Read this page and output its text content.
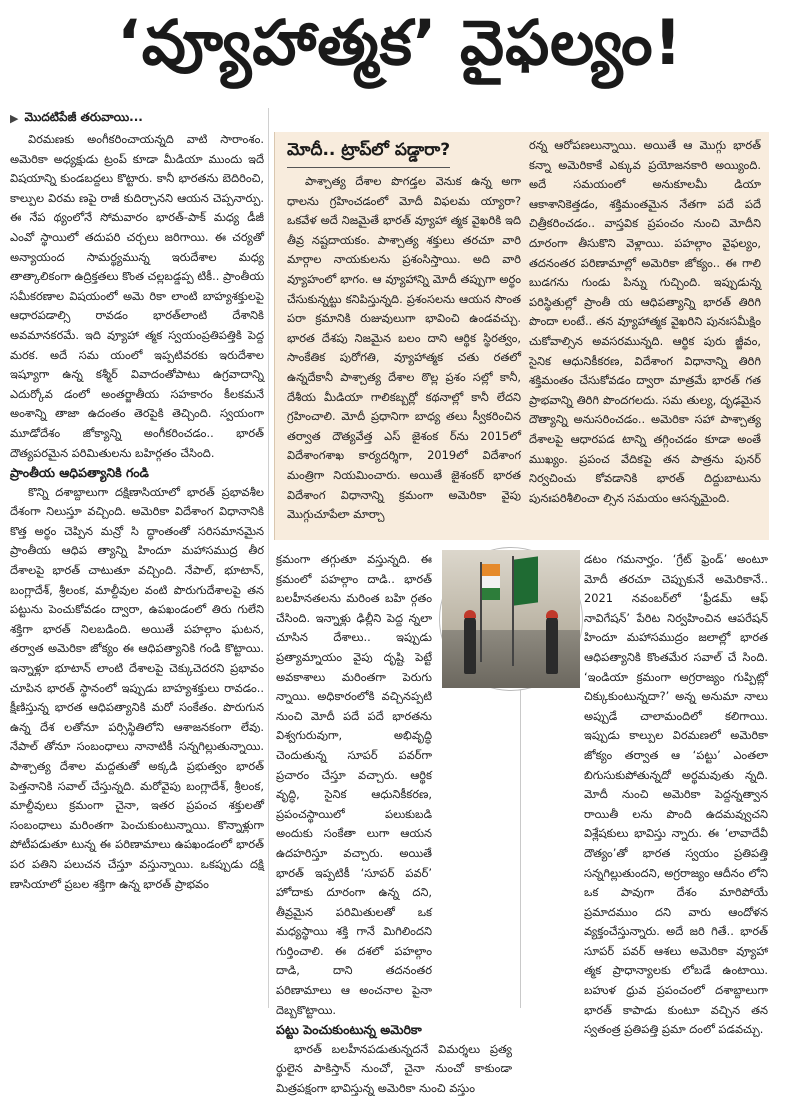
‘వ్యూహాత్మక’ వైఫల్యం!
▶ మొదటిపేజీ తరువాయి...

విరమణకు అంగీకరించాయన్నది వాటి సారాంశం. అమెరికా అధ్యక్షుడు ట్రంప్ కూడా మీడియా ముందు ఇదే విషయాన్ని కుండబద్దలు కొట్టారు. కానీ భారతను బెదిరించి, కాల్పుల విరమ ణపై రాజీ కుదిర్చానని ఆయన చెప్పనార్పు. ఈ నేప థ్యంలోనే సోమవారం భారత్‌-పాక్ మధ్య డీజీ ఎంవో స్థాయిలో తదుపరి చర్చలు జరిగాయి. ఈ చర్యతో అన్యాయంద సామర్థ్యమున్న ఇరుదేశాల మధ్య తాత్కాలికంగా ఉద్రిక్తతలు కొంత చల్లబడ్డప్ప టికీ.. ప్రాంతీయ సమీకరణాల విషయంలో అమె రికా లాంటి బాహ్యశక్తులపై ఆధారపడాల్సి రావడం భారత్‌లాంటి దేశానికి అవమానకరమే. ఇది వ్యూహా త్మక స్వయంప్రతిపత్తికి పెద్ద మరక. అదే సమ యంలో ఇప్పటివరకు ఇరుదేశాల ఇష్యూగా ఉన్న కశ్మీర్ వివాదంతోపాటు ఉగ్రవాదాన్ని ఎదుర్కోవ డంలో అంతర్జాతీయ సహకారం కీలకమనే అంశాన్ని తాజా ఉదంతం తెరపైకి తెచ్చింది. స్వయంగా మూడోదేశం జోక్యాన్ని అంగీకరించడం.. భారత్ దౌత్యపరమైన పరిమితులను బహిర్గతం చేసింది.

ప్రాంతీయ ఆధిపత్యానికి గండి

కొన్ని దశాబ్దాలుగా దక్షిణాసియాలో భారత్ ప్రభావశీల దేశంగా నిలుస్తూ వచ్చింది. అమెరికా విదేశాంగ విధానానికి కొత్త అర్థం చెప్పిన మన్రో సి ద్ధాంతంతో సరిసమానమైన ప్రాంతీయ ఆధిప త్యాన్ని హిందూ మహాసముద్ర తీర దేశాలపై భారత్ చాటుతూ వచ్చింది. నేపాల్, భూటాన్, బంగ్లాదేశ్, శ్రీలంక, మాల్దీవుల వంటి పొరుగుదేశాలపై తన పట్టును పెంచుకోవడం ద్వారా, ఉపఖండంలో తిరు గులేని శక్తిగా భారత్ నిలబడింది. అయితే పహల్గాం ఘటన, తర్వాత అమెరికా జోక్యం ఈ ఆధిపత్యానికి గండి కొట్టాయి. ఇన్నాళ్లూ భూటాన్ లాంటి దేశాలపై చెక్కుచెదరని ప్రభావం చూపిన భారత్ స్థానంలో ఇప్పుడు బాహ్యశక్తులు రావడం.. క్షీణిస్తున్న భారత ఆధిపత్యానికి మరో సంకేతం. పొరుగున ఉన్న దేశ లతోనూ పర్సిస్థితిలోని ఆశాజనకంగా లేవు. నేపాల్ తోనూ సంబంధాలు నానాటికీ సన్నగిల్లుతున్నాయి. పాశ్చాత్య దేశాల మద్దతుతో అక్కడి ప్రభుత్వం భారత్‌ పెత్తనానికి సవాల్ చేస్తున్నది. మరోవైపు బంగ్లాదేశ్, శ్రీలంక, మాల్దీవులు క్రమంగా చైనా, ఇతర ప్రపంచ శక్తులతో సంబంధాలు మరింతగా పెంచుకుంటున్నాయి. కొన్నాళ్లుగా పోటీపడుతూ టున్న ఈ పరిణామాలు ఉపఖండంలో భారత్ పర పతిని పలుచన చేస్తూ వస్తున్నాయి. ఒకప్పుడు దక్షి ణాసియాలో ప్రబల శక్తిగా ఉన్న భారత్ ప్రాభవం

మోదీ.. ట్రాప్‌లో పడ్డారా?

పాశ్చాత్య దేశాల పొగడ్తల వెనుక ఉన్న అగా ధాలను గ్రహించడంలో మోదీ విఫలమ య్యారా? ఒకవేళ అదే నిజమైతే భారత్ వ్యూహా త్మక వైఖరికి ఇది తీవ్ర నష్టదాయకం. పాశ్చాత్య శక్తులు తరచూ వారి మార్గాల నాయకులను ప్రశంసిస్తాయి. అది వారి వ్యూహంలో భాగం. ఆ వ్యూహాన్ని మోదీ తప్పుగా అర్థం చేసుకున్నట్టు కనిపిస్తున్నది. ప్రశంసలను ఆయన సొంత పరా క్రమానికి రుజువులుగా భావించి ఉండవచ్చు. భారత దేశపు నిజమైన బలం దాని ఆర్థిక స్థిరత్వం, సాంకేతిక పురోగతి, వ్యూహాత్మక చతు రతలో ఉన్నదేకానీ పాశ్చాత్య దేశాల ఠొల్ల ప్రశం సల్లో కానీ, దేశీయ మీడియా గాలికబ్బర్లో కథనాల్లో కానీ లేదని గ్రహించాలి. మోదీ ప్రధానిగా బాధ్య తలు స్వీకరించిన తర్వాత దౌత్యవేత్త ఎస్ జైశంక ర్‌ను 2015లో విదేశాంగశాఖ కార్యదర్శిగా, 2019లో విదేశాంగ మంత్రిగా నియమించారు. అయితే జైశంకర్ భారత విదేశాంగ విధానాన్ని క్రమంగా అమెరికా వైపు మొగ్గుచూపేలా మార్చా

రన్న ఆరోపణలున్నాయి. అయితే ఆ మొగ్గు భారత్ కన్నా అమెరికాకే ఎక్కువ ప్రయోజనకారి అయ్యింది. అదే సమయంలో అనుకూలమీ డియా ఆకాశానికెత్తడం, శక్తిమంతమైన నేతగా పదే పదే చిత్రీకరించడం.. వాస్తవిక ప్రపంచం నుంచి మోదీని దూరంగా తీసుకొని వెళ్లాయి. పహల్గాం వైఫల్యం, తదనంతర పరిణామాల్లో అమెరికా జోక్యం.. ఈ గాలి బుడగను గుండు పిన్ను గుచ్చింది. ఇప్పుడున్న పరిస్థితుల్లో ప్రాంతీ య ఆధిపత్యాన్ని భారత్ తిరిగి పొందా లంటే.. తన వ్యూహాత్మక వైఖరిని పునఃసమీక్షిం చుకోవాల్సిన అవసరమున్నది. ఆర్థిక పురు జ్జీవం, సైనిక ఆధునికీకరణ, విదేశాంగ విధానాన్ని తిరిగి శక్తిమంతం చేసుకోవడం ద్వారా మాత్రమే భారత్ గత ప్రాభవాన్ని తిరిగి పొందగలదు. సమ తుల్య, దృఢమైన దౌత్యాన్ని అనుసరించడం.. అమెరికా సహా పాశ్చాత్య దేశాలపై ఆధారపడ టాన్ని తగ్గించడం కూడా అంతే ముఖ్యం. ప్రపంచ వేదికపై తన పాత్రను పునర్ నిర్వచించు కోవడానికి భారత్ దిద్దుబాటును పునఃపరిశీలించా ల్సిన సమయం ఆసన్నమైంది.

క్రమంగా తగ్గుతూ వస్తున్నది. ఈ క్రమంలో పహల్గాం దాడి.. భారత్ బలహీనతలను మరింత బహి ర్గతం చేసింది. ఇన్నాళ్లు ఢిల్లీని పెద్ద న్నలా చూసిన దేశాలు.. ఇప్పుడు ప్రత్యామ్నాయం వైపు దృష్టి పెట్టే అవకాశాలు మరింతగా పెరుగు న్నాయి. అధికారంలోకి వచ్చినప్పటి నుంచి మోదీ పదే పదే భారతను విశ్వగురువుగా, అభివృద్ధి చెందుతున్న సూపర్ పవర్‌గా ప్రచారం చేస్తూ వచ్చారు. ఆర్థిక వృద్ధి, సైనిక ఆధునికీకరణ, ప్రపంచస్థాయిలో పలుకుబడి అందుకు సంకేతా లుగా ఆయన ఉదహరిస్తూ వచ్చారు. అయితే భారత్ ఇప్పటికీ ‘సూపర్ పవర్’ హోదాకు దూరంగా ఉన్న దని, తీవ్రమైన పరిమితులతో ఒక మధ్యస్థాయి శక్తి గానే మిగిలిందని గుర్తించాలి. ఈ దశలో పహల్గాం దాడి, దాని తదనంతర పరిణామాలు ఆ అంచనాల పైనా దెబ్బకొట్టాయి.

పట్టు పెంచుకుంటున్న అమెరికా

భారత్ బలహీనపడుతున్నదనే విమర్శలు ప్రత్య ర్థులైన పాకిస్తాన్ నుంచో, చైనా నుంచో కాకుండా మిత్రపక్షంగా భావిస్తున్న అమెరికా నుంచి వస్తుం

డటం గమనార్హం. ‘గ్రేట్ ఫ్రెండ్’ అంటూ మోదీ తరచూ చెప్పుకునే అమెరికానే.. 2021 నవంబర్‌లో ‘ఫ్రీడమ్ ఆఫ్ నావిగేషన్’ పేరిట నిర్వహించిన ఆపరేషన్ హిందూ మహాసముద్రం జలాల్లో భారత ఆధిపత్యానికి కొంతమేర సవాల్ చే సింది. ‘ఇండియా క్రమంగా అగ్రరాజ్యం గుప్పిట్లో చిక్కుకుంటున్నదా?’ అన్న అనుమా నాలు అప్పుడే చాలామందిలో కలిగాయి. ఇప్పుడు కాల్పుల విరమణలో అమెరికా జోక్యం తర్వాత ఆ ‘పట్టు’ ఎంతలా బిగుసుకుపోతున్నదో అర్థమవుతు న్నది. మోదీ నుంచి అమెరికా పెద్దన్నత్వాన రాయితీ లను పొంది ఉదమవ్వుచని విశ్లేషకులు భావిస్తు న్నారు. ఈ ‘లావాదేవీ దౌత్యం’తో భారత స్వయం ప్రతిపత్తి సన్నగిల్లుతుందని, అగ్రరాజ్యం ఆదీనం లోని ఒక పావుగా దేశం మారిపోయే ప్రమాదముం దని వారు ఆందోళన వ్యక్తంచేస్తున్నారు. అదే జరి గితే.. భారత్ సూపర్ పవర్ ఆశలు అమెరికా వ్యూహా త్మక ప్రాధాన్యాలకు లోబడే ఉంటాయి. బహుళ ధ్రువ ప్రపంచంలో దశాబ్దాలుగా భారత్ కాపాడు కుంటూ వచ్చిన తన స్వతంత్ర ప్రతిపత్తి ప్రమా దంలో పడవచ్చు.
